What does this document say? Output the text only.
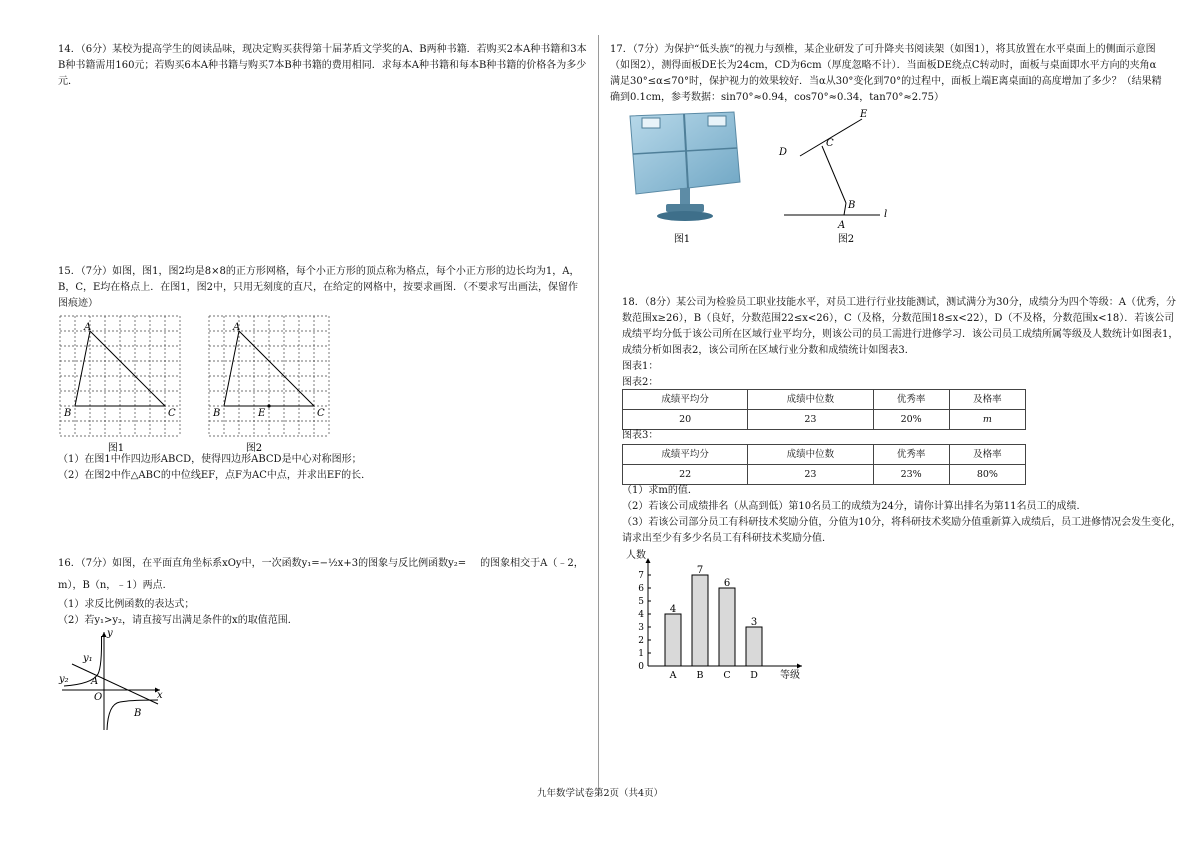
14．（6分）某校为提高学生的阅读品味，现决定购买获得第十届茅盾文学奖的A、B两种书籍．若购买2本A种书籍和3本B种书籍需用160元；若购买6本A种书籍与购买7本B种书籍的费用相同．求每本A种书籍和每本B种书籍的价格各为多少元．

15．（7分）如图，图1，图2均是8×8的正方形网格，每个小正方形的顶点称为格点，每个小正方形的边长均为1，A，B，C，E均在格点上．在图1，图2中，只用无刻度的直尺，在给定的网格中，按要求画图．（不要求写出画法，保留作图痕迹）

A
B	C
A
B	C
E
图1	图2

（1）在图1中作四边形ABCD，使得四边形ABCD是中心对称图形；

（2）在图2中作△ABC的中位线EF，点F为AC中点，并求出EF的长．

16．（7分）如图，在平面直角坐标系xOy中，一次函数y₁=−½x+3的图象与反比例函数y₂= 的图象相交于A（﹣2，m），B（n，﹣1）两点．

（1）求反比例函数的表达式；

（2）若y₁>y₂，请直接写出满足条件的x的取值范围．

y
x
O
A
B
y₁
y₂

17．（7分）为保护“低头族”的视力与颈椎，某企业研发了可升降夹书阅读架（如图1），将其放置在水平桌面上的侧面示意图（如图2），测得面板DE长为24cm，CD为6cm（厚度忽略不计）．当面板DE绕点C转动时，面板与桌面即水平方向的夹角α满足30°≤α≤70°时，保护视力的效果较好．当α从30°变化到70°的过程中，面板上端E离桌面l的高度增加了多少？（结果精确到0.1cm，参考数据：sin70°≈0.94，cos70°≈0.34，tan70°≈2.75）

图1
A
B
C
D
E
l
图2

18．（8分）某公司为检验员工职业技能水平，对员工进行行业技能测试，测试满分为30分，成绩分为四个等级：A（优秀，分数范围x≥26），B（良好，分数范围22≤x<26），C（及格，分数范围18≤x<22），D（不及格，分数范围x<18）．若该公司成绩平均分低于该公司所在区域行业平均分，则该公司的员工需进行进修学习．该公司员工成绩所属等级及人数统计如图表1，成绩分析如图表2，该公司所在区域行业分数和成绩统计如图表3．

图表1：

图表2：

成绩平均分	成绩中位数	优秀率	及格率
20	23	20%	m

图表3：

成绩平均分	成绩中位数	优秀率	及格率
22	23	23%	80%

（1）求m的值．

（2）若该公司成绩排名（从高到低）第10名员工的成绩为24分，请你计算出排名为第11名员工的成绩．

（3）若该公司部分员工有科研技术奖励分值，分值为10分，将科研技术奖励分值重新算入成绩后，员工进修情况会发生变化，请求出至少有多少名员工有科研技术奖励分值．

人数
等级
0
1
2
3
4
5
6
7
4
A
7
B
6
C
3
D
九年数学试卷第2页（共4页）
